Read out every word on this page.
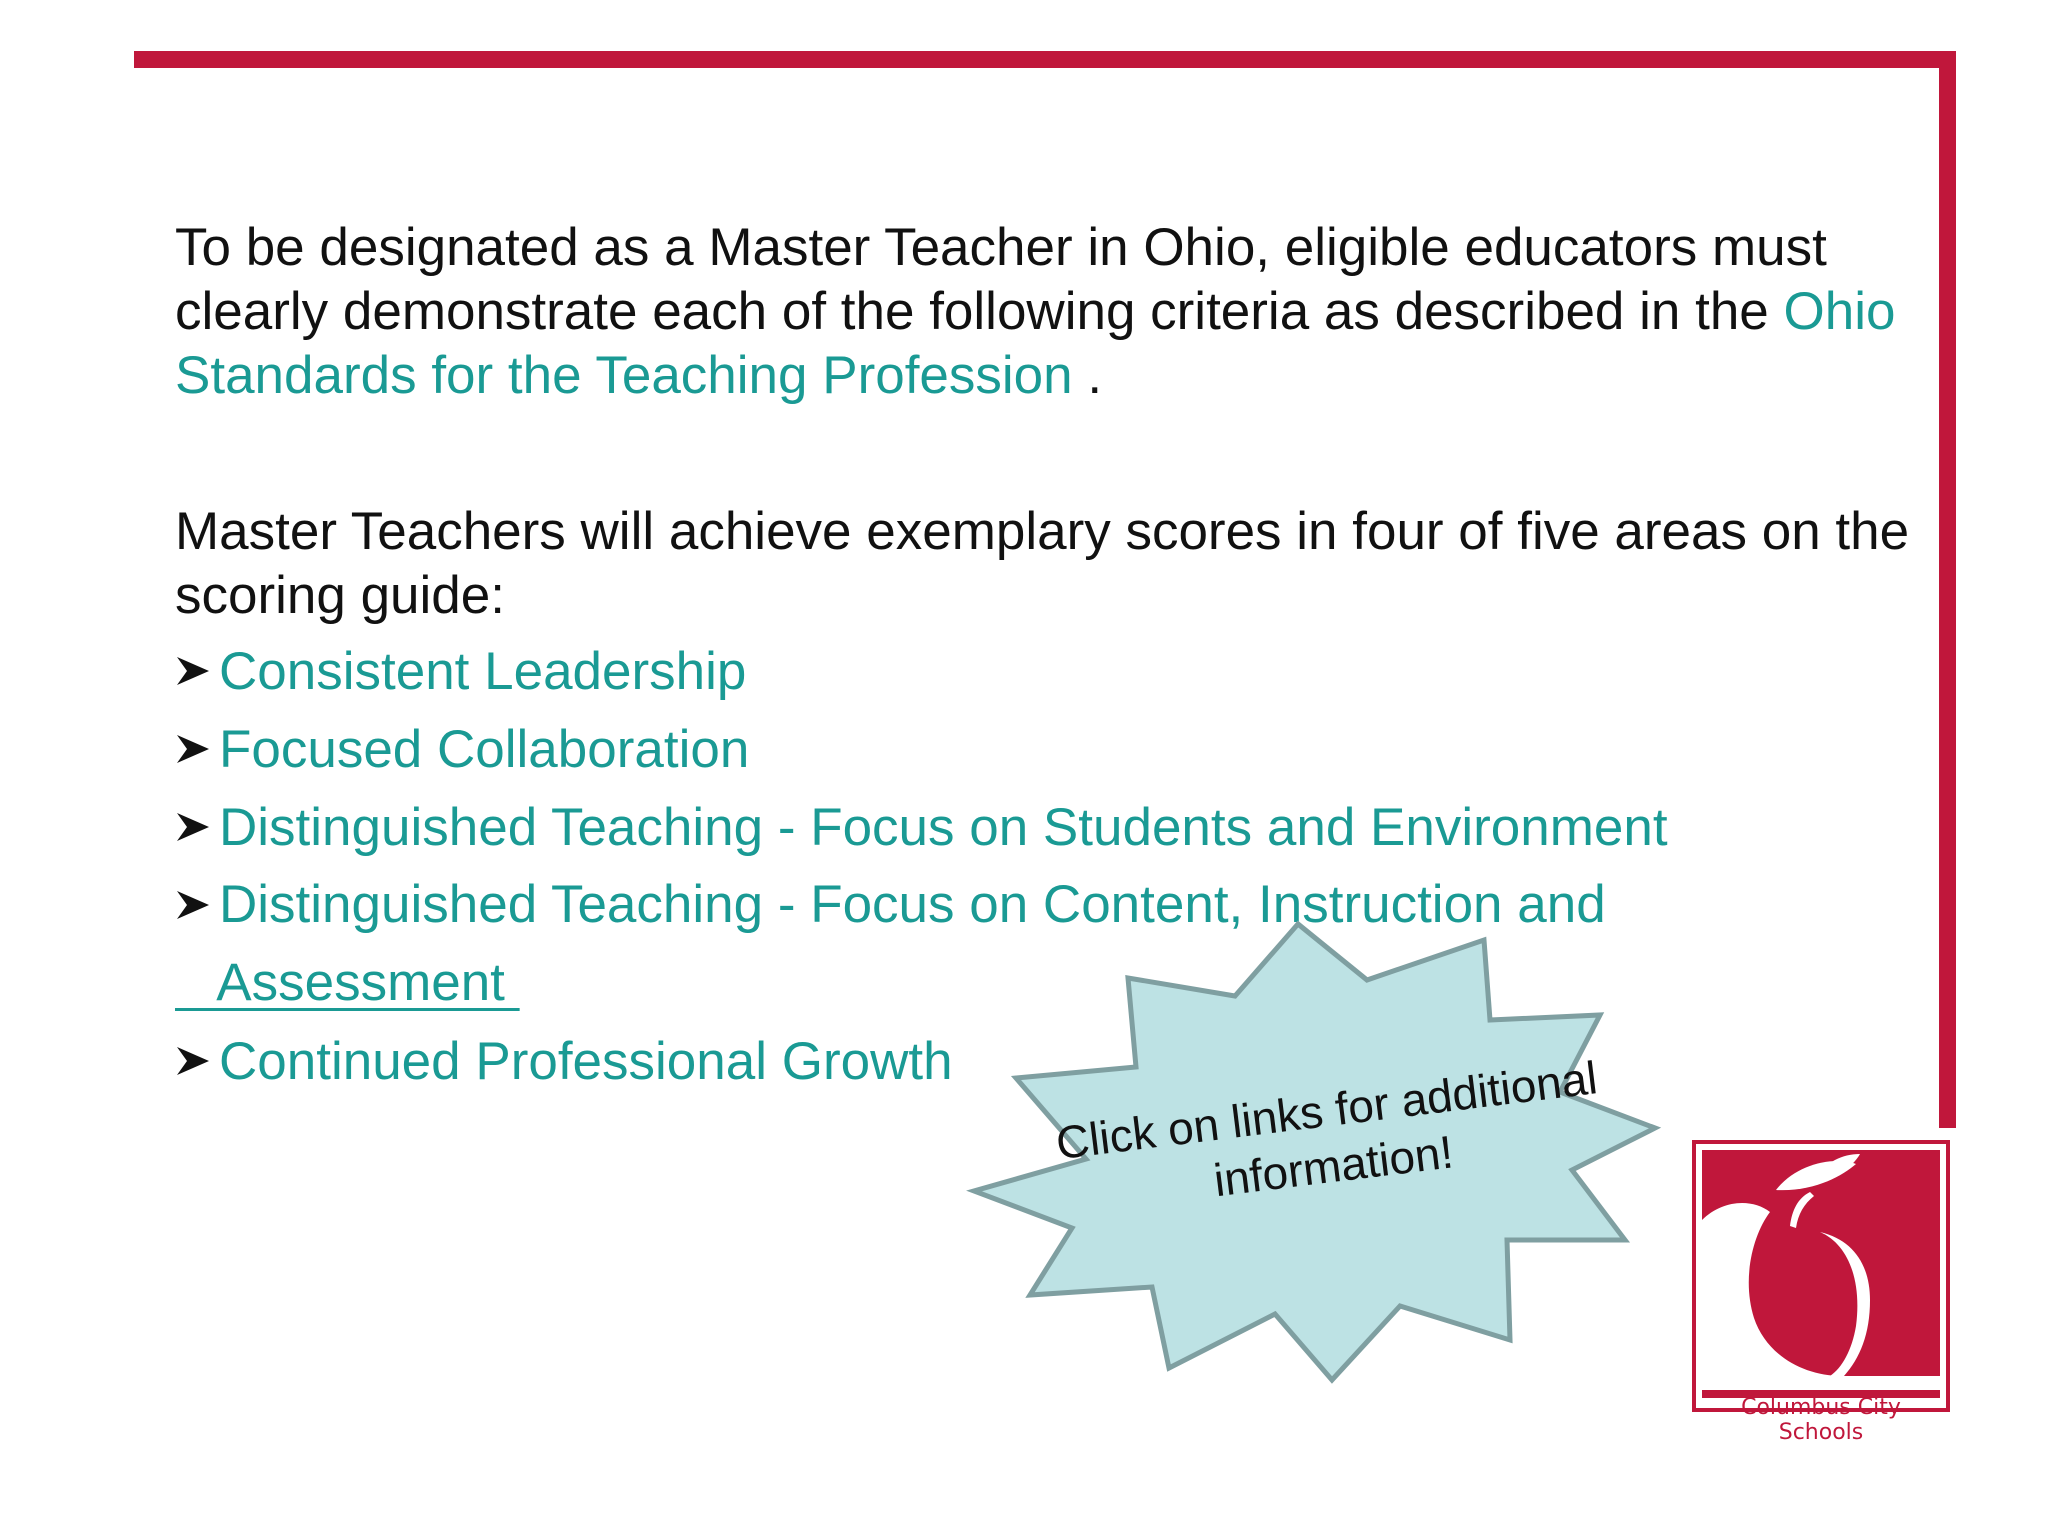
To be designated as a Master Teacher in Ohio, eligible educators must clearly demonstrate each of the following criteria as described in the Ohio Standards for the Teaching Profession .

Master Teachers will achieve exemplary scores in four of five areas on the scoring guide:

Consistent Leadership
Focused Collaboration
Distinguished Teaching - Focus on Students and Environment
Distinguished Teaching - Focus on Content, Instruction and
Assessment
Continued Professional Growth	Click on links for additional information!
Columbus City Schools
